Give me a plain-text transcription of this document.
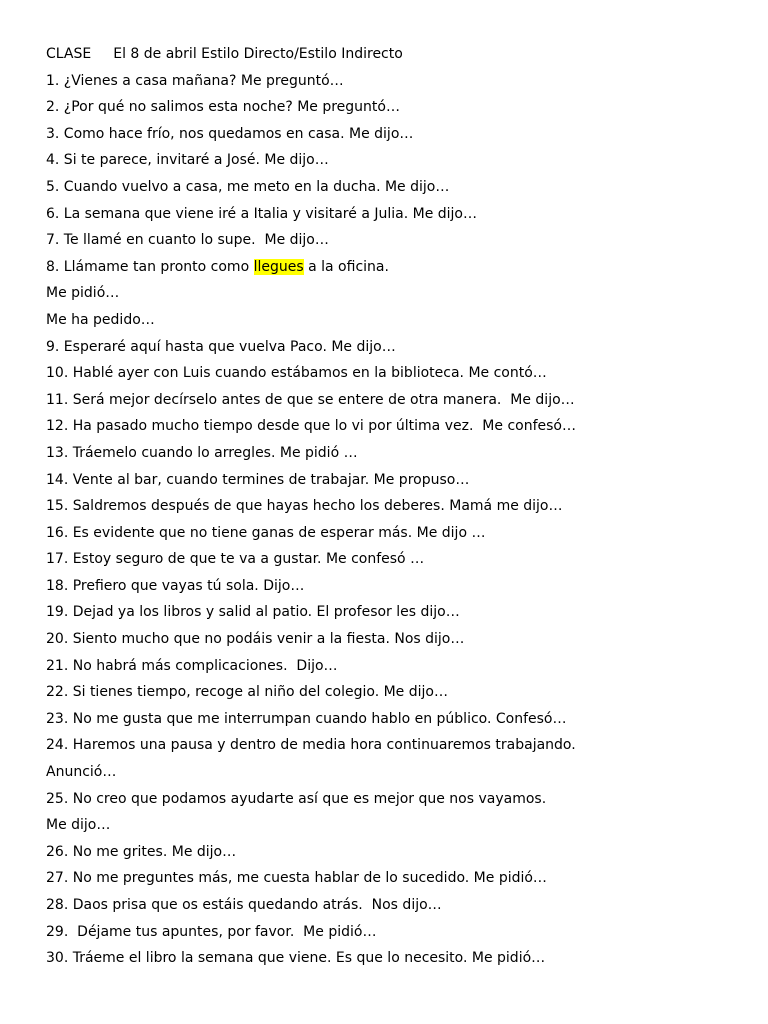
CLASE El 8 de abril Estilo Directo/Estilo Indirecto
1. ¿Vienes a casa mañana? Me preguntó…
2. ¿Por qué no salimos esta noche? Me preguntó…
3. Como hace frío, nos quedamos en casa. Me dijo…
4. Si te parece, invitaré a José. Me dijo…
5. Cuando vuelvo a casa, me meto en la ducha. Me dijo…
6. La semana que viene iré a Italia y visitaré a Julia. Me dijo…
7. Te llamé en cuanto lo supe.  Me dijo…
8. Llámame tan pronto como llegues a la oficina.
Me pidió…
Me ha pedido…
9. Esperaré aquí hasta que vuelva Paco. Me dijo…
10. Hablé ayer con Luis cuando estábamos en la biblioteca. Me contó…
11. Será mejor decírselo antes de que se entere de otra manera.  Me dijo…
12. Ha pasado mucho tiempo desde que lo vi por última vez.  Me confesó…
13. Tráemelo cuando lo arregles. Me pidió …
14. Vente al bar, cuando termines de trabajar. Me propuso…
15. Saldremos después de que hayas hecho los deberes. Mamá me dijo…
16. Es evidente que no tiene ganas de esperar más. Me dijo …
17. Estoy seguro de que te va a gustar. Me confesó …
18. Prefiero que vayas tú sola. Dijo…
19. Dejad ya los libros y salid al patio. El profesor les dijo…
20. Siento mucho que no podáis venir a la fiesta. Nos dijo…
21. No habrá más complicaciones.  Dijo…
22. Si tienes tiempo, recoge al niño del colegio. Me dijo…
23. No me gusta que me interrumpan cuando hablo en público. Confesó…
24. Haremos una pausa y dentro de media hora continuaremos trabajando.
Anunció…
25. No creo que podamos ayudarte así que es mejor que nos vayamos.
Me dijo…
26. No me grites. Me dijo…
27. No me preguntes más, me cuesta hablar de lo sucedido. Me pidió…
28. Daos prisa que os estáis quedando atrás.  Nos dijo…
29.  Déjame tus apuntes, por favor.  Me pidió…
30. Tráeme el libro la semana que viene. Es que lo necesito. Me pidió…
